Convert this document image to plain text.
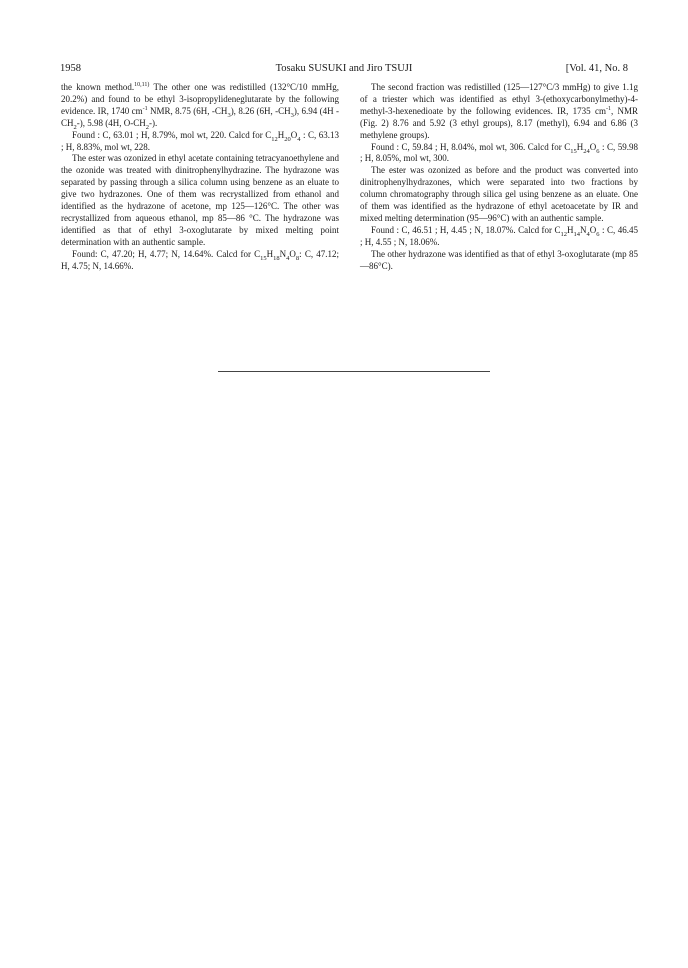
1958	Tosaku SUSUKI and Jiro TSUJI	[Vol. 41, No. 8

the known method.$^{10,11)}$ The other one was redistilled (132°C/10 mmHg, 20.2%) and found to be ethyl 3-isopropylideneglutarate by the following evidence. IR, 1740 $cm^{-1}$ NMR, 8.75 (6H, $-CH_3$), 8.26 (6H, $-CH_3$), 6.94 (4H $-CH_2-$), 5.98 (4H, $O-CH_2-$).

Found : C, 63.01 ; H, 8.79%, mol wt, 220. Calcd for $C_{12}H_{20}O_4$ : C, 63.13 ; H, 8.83%, mol wt, 228.

The ester was ozonized in ethyl acetate containing tetracyanoethylene and the ozonide was treated with dinitrophenylhydrazine. The hydrazone was separated by passing through a silica column using benzene as an eluate to give two hydrazones. One of them was recrystallized from ethanol and identified as the hydrazone of acetone, mp 125—126°C. The other was recrystallized from aqueous ethanol, mp 85—86 °C. The hydrazone was identified as that of ethyl 3-oxoglutarate by mixed melting point determination with an authentic sample.

Found: C, 47.20; H, 4.77; N, 14.64%. Calcd for $C_{15}H_{18}N_4O_8$: C, 47.12; H, 4.75; N, 14.66%.

The second fraction was redistilled (125—127°C/3 mmHg) to give 1.1g of a triester which was identified as ethyl 3-(ethoxycarbonylmethy)-4-methyl-3-hexenedioate by the following evidences. IR, 1735 $cm^{-1}$, NMR (Fig. 2) 8.76 and 5.92 (3 ethyl groups), 8.17 (methyl), 6.94 and 6.86 (3 methylene groups).

Found : C, 59.84 ; H, 8.04%, mol wt, 306. Calcd for $C_{15}H_{24}O_6$ : C, 59.98 ; H, 8.05%, mol wt, 300.

The ester was ozonized as before and the product was converted into dinitrophenylhydrazones, which were separated into two fractions by column chromatography through silica gel using benzene as an eluate. One of them was identified as the hydrazone of ethyl acetoacetate by IR and mixed melting determination (95—96°C) with an authentic sample.

Found : C, 46.51 ; H, 4.45 ; N, 18.07%. Calcd for $C_{12}H_{14}N_4O_6$ : C, 46.45 ; H, 4.55 ; N, 18.06%.

The other hydrazone was identified as that of ethyl 3-oxoglutarate (mp 85—86°C).
